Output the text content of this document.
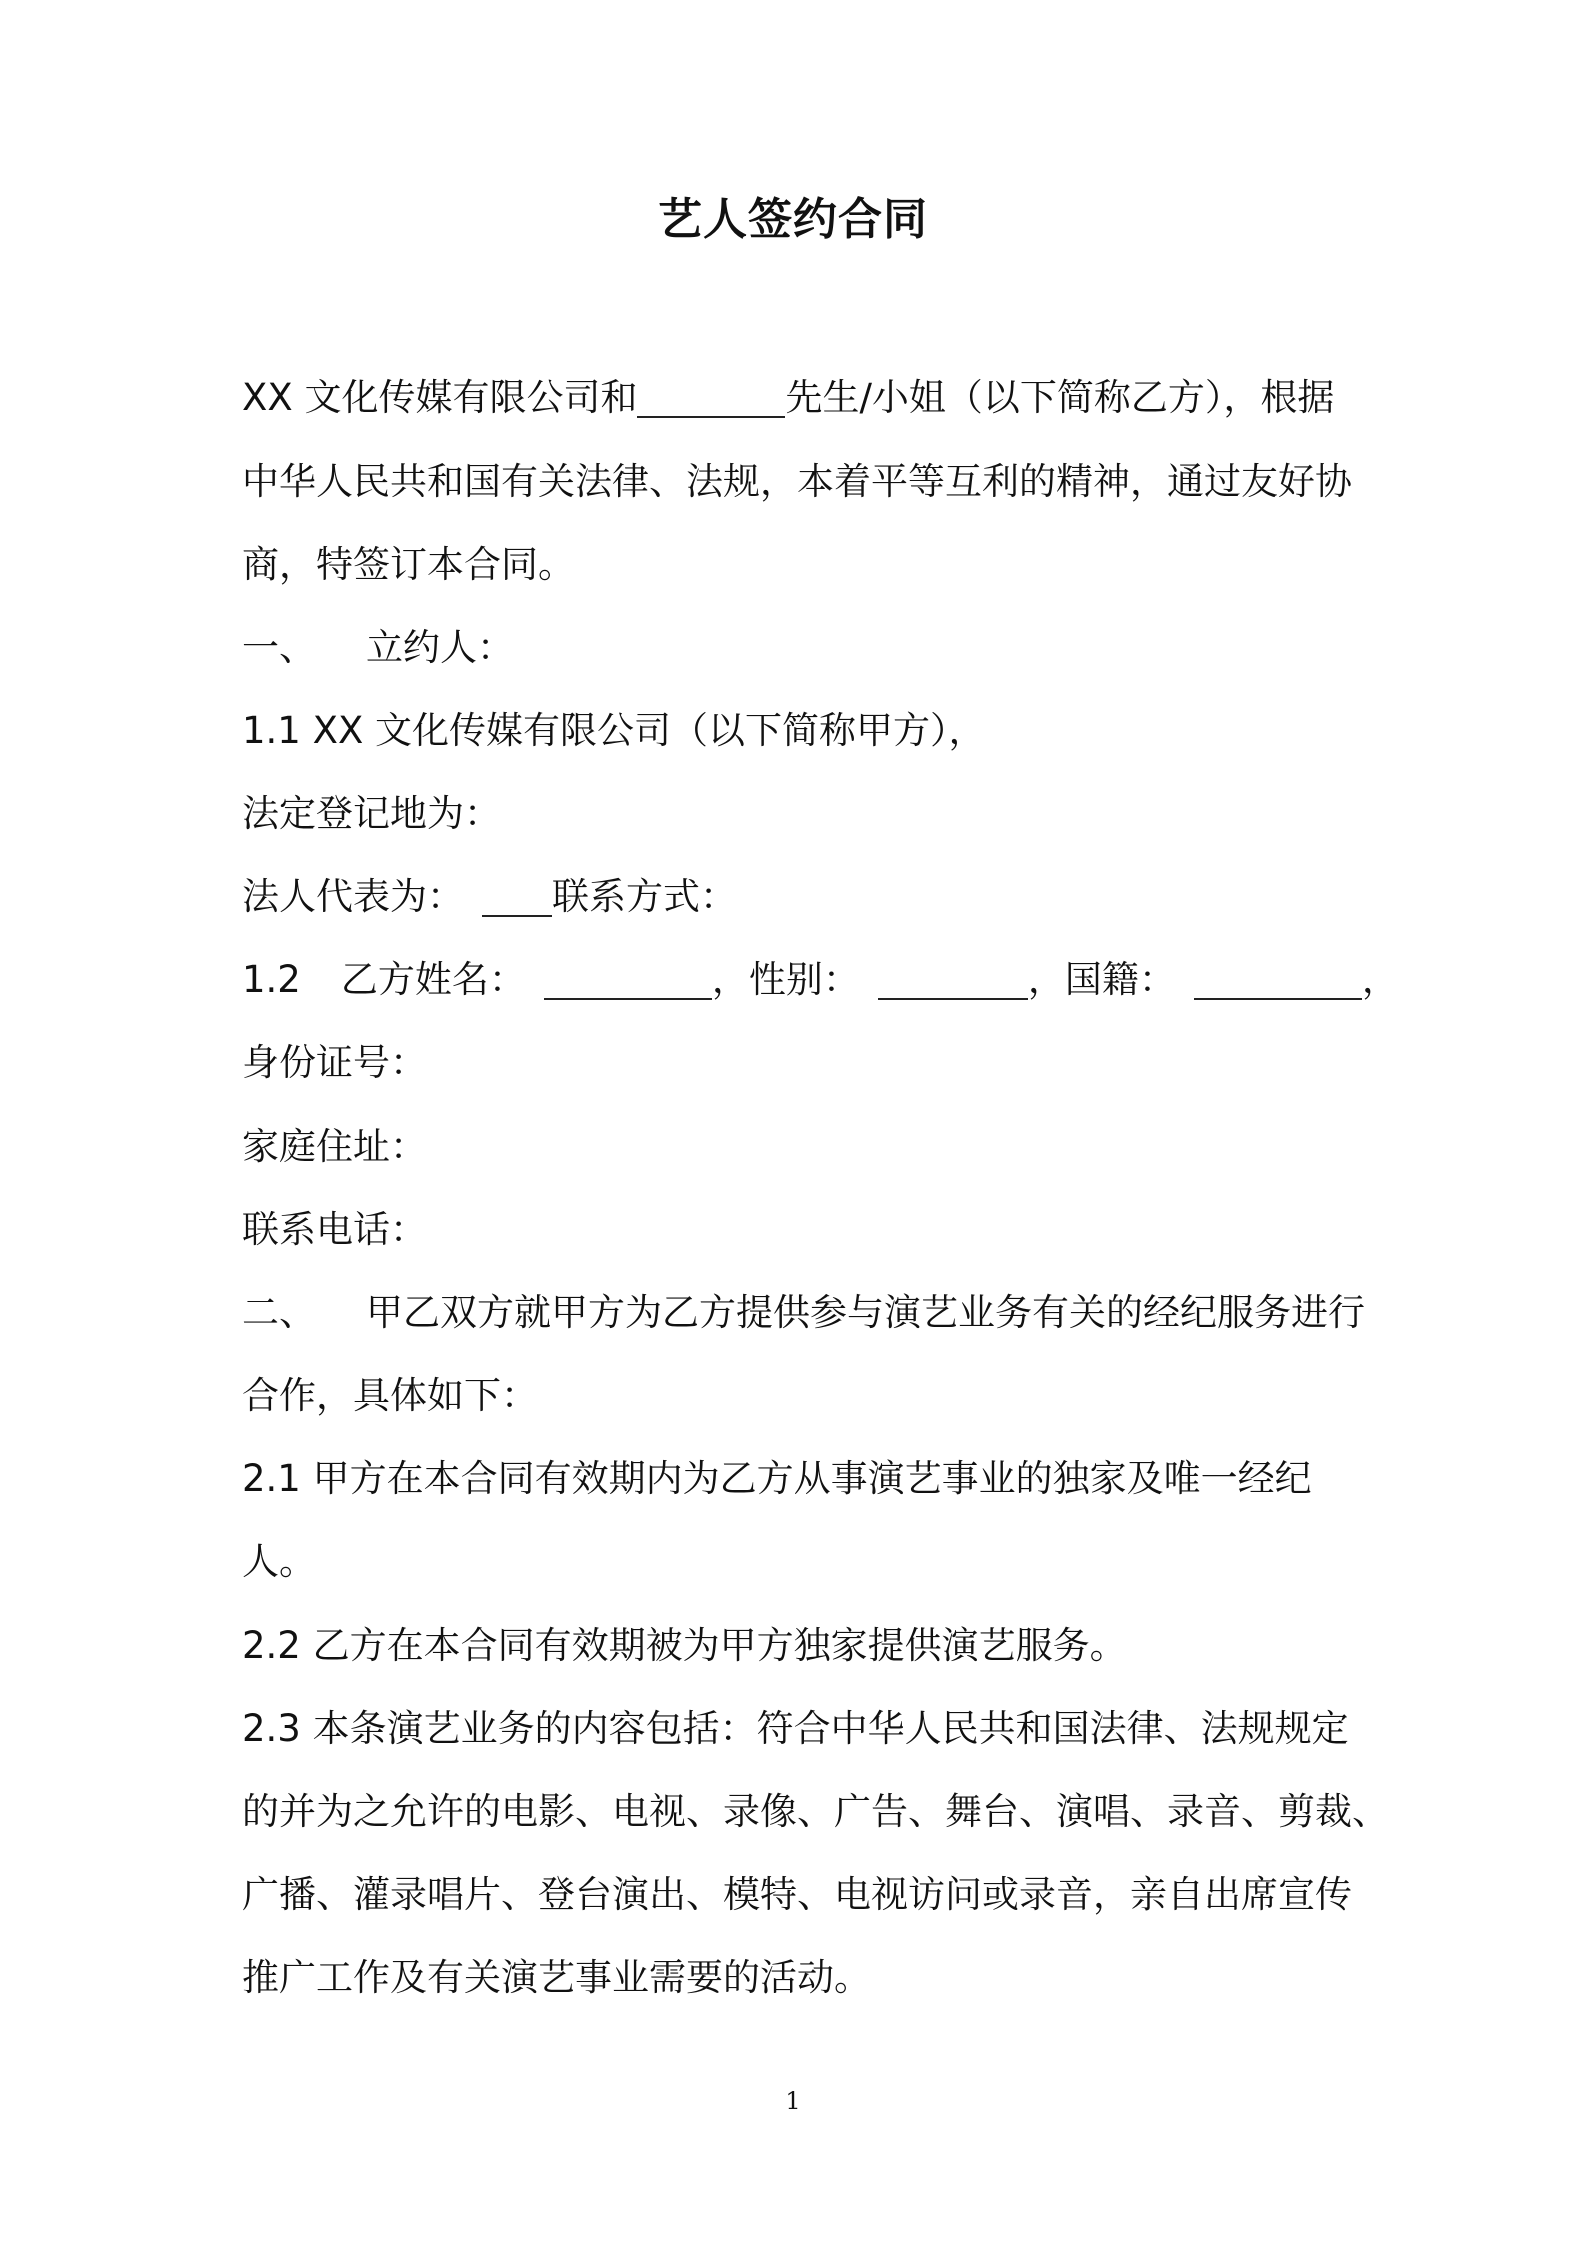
艺人签约合同
XX 文化传媒有限公司和	先生/小姐（以下简称乙方），根据
中华人民共和国有关法律、法规，本着平等互利的精神，通过友好协
商，特签订本合同。
一、 立约人：
1.1 XX 文化传媒有限公司（以下简称甲方），
法定登记地为：
法人代表为： 联系方式：
1.2 乙方姓名：	，性别：	，国籍：	，
身份证号：
家庭住址：
联系电话：
二、 甲乙双方就甲方为乙方提供参与演艺业务有关的经纪服务进行
合作，具体如下：
2.1 甲方在本合同有效期内为乙方从事演艺事业的独家及唯一经纪
人。
2.2 乙方在本合同有效期被为甲方独家提供演艺服务。
2.3 本条演艺业务的内容包括：符合中华人民共和国法律、法规规定
的并为之允许的电影、电视、录像、广告、舞台、演唱、录音、剪裁、
广播、灌录唱片、登台演出、模特、电视访问或录音，亲自出席宣传
推广工作及有关演艺事业需要的活动。
1
